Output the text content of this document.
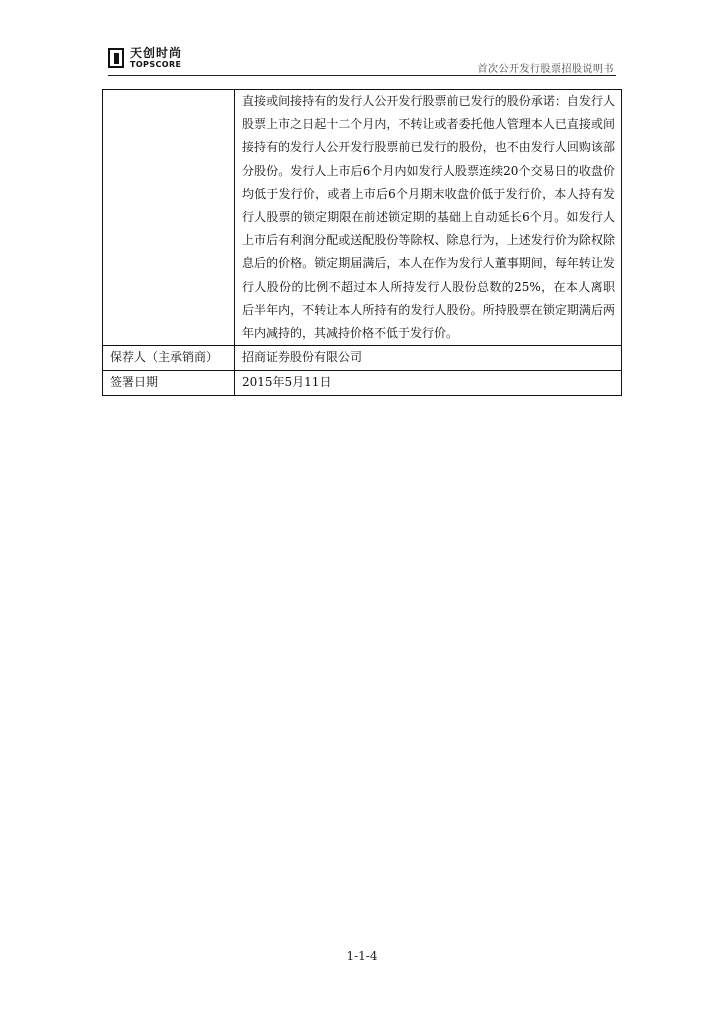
天创时尚
TOPSCORE	首次公开发行股票招股说明书
	直接或间接持有的发行人公开发行股票前已发行的股份承诺：自发行人股票上市之日起十二个月内，不转让或者委托他人管理本人已直接或间接持有的发行人公开发行股票前已发行的股份，也不由发行人回购该部分股份。发行人上市后6个月内如发行人股票连续20个交易日的收盘价均低于发行价，或者上市后6个月期末收盘价低于发行价，本人持有发行人股票的锁定期限在前述锁定期的基础上自动延长6个月。如发行人上市后有利润分配或送配股份等除权、除息行为，上述发行价为除权除息后的价格。锁定期届满后，本人在作为发行人董事期间，每年转让发行人股份的比例不超过本人所持发行人股份总数的25%，在本人离职后半年内，不转让本人所持有的发行人股份。所持股票在锁定期满后两年内减持的，其减持价格不低于发行价。
保荐人（主承销商）	招商证券股份有限公司
签署日期	2015年5月11日
1-1-4
